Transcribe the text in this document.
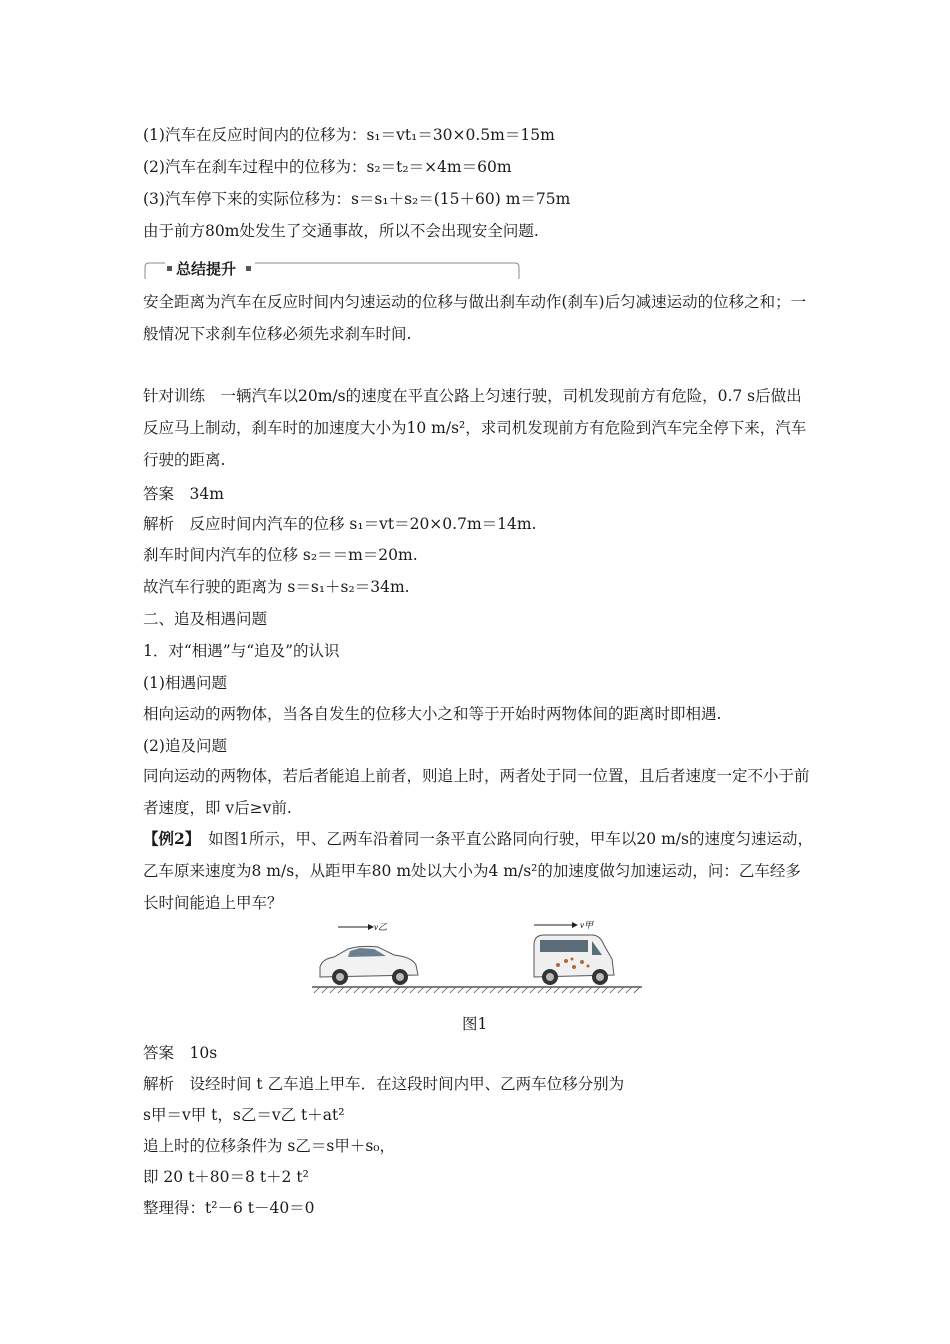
(1)汽车在反应时间内的位移为：s₁＝vt₁＝30×0.5m＝15m
(2)汽车在刹车过程中的位移为：s₂＝t₂＝×4m＝60m
(3)汽车停下来的实际位移为：s＝s₁＋s₂＝(15＋60) m＝75m
由于前方80m处发生了交通事故，所以不会出现安全问题.
总结提升
安全距离为汽车在反应时间内匀速运动的位移与做出刹车动作(刹车)后匀减速运动的位移之和；一般情况下求刹车位移必须先求刹车时间.
针对训练　一辆汽车以20m/s的速度在平直公路上匀速行驶，司机发现前方有危险，0.7 s后做出反应马上制动，刹车时的加速度大小为10 m/s²，求司机发现前方有危险到汽车完全停下来，汽车行驶的距离.
答案　34m
解析　反应时间内汽车的位移 s₁＝vt＝20×0.7m＝14m.
刹车时间内汽车的位移 s₂＝＝m＝20m.
故汽车行驶的距离为 s＝s₁＋s₂＝34m.
二、追及相遇问题
1．对“相遇”与“追及”的认识
(1)相遇问题
相向运动的两物体，当各自发生的位移大小之和等于开始时两物体间的距离时即相遇.
(2)追及问题
同向运动的两物体，若后者能追上前者，则追上时，两者处于同一位置，且后者速度一定不小于前者速度，即 v后≥v前.
【例2】　 如图1所示，甲、乙两车沿着同一条平直公路同向行驶，甲车以20 m/s的速度匀速运动，乙车原来速度为8 m/s，从距甲车80 m处以大小为4 m/s²的加速度做匀加速运动，问：乙车经多长时间能追上甲车？
v乙	v甲
图1
答案　10s
解析　设经时间 t 乙车追上甲车．在这段时间内甲、乙两车位移分别为
s甲＝v甲 t，s乙＝v乙 t＋at²
追上时的位移条件为 s乙＝s甲＋s₀，
即 20 t＋80＝8 t＋2 t²
整理得：t²－6 t－40＝0
